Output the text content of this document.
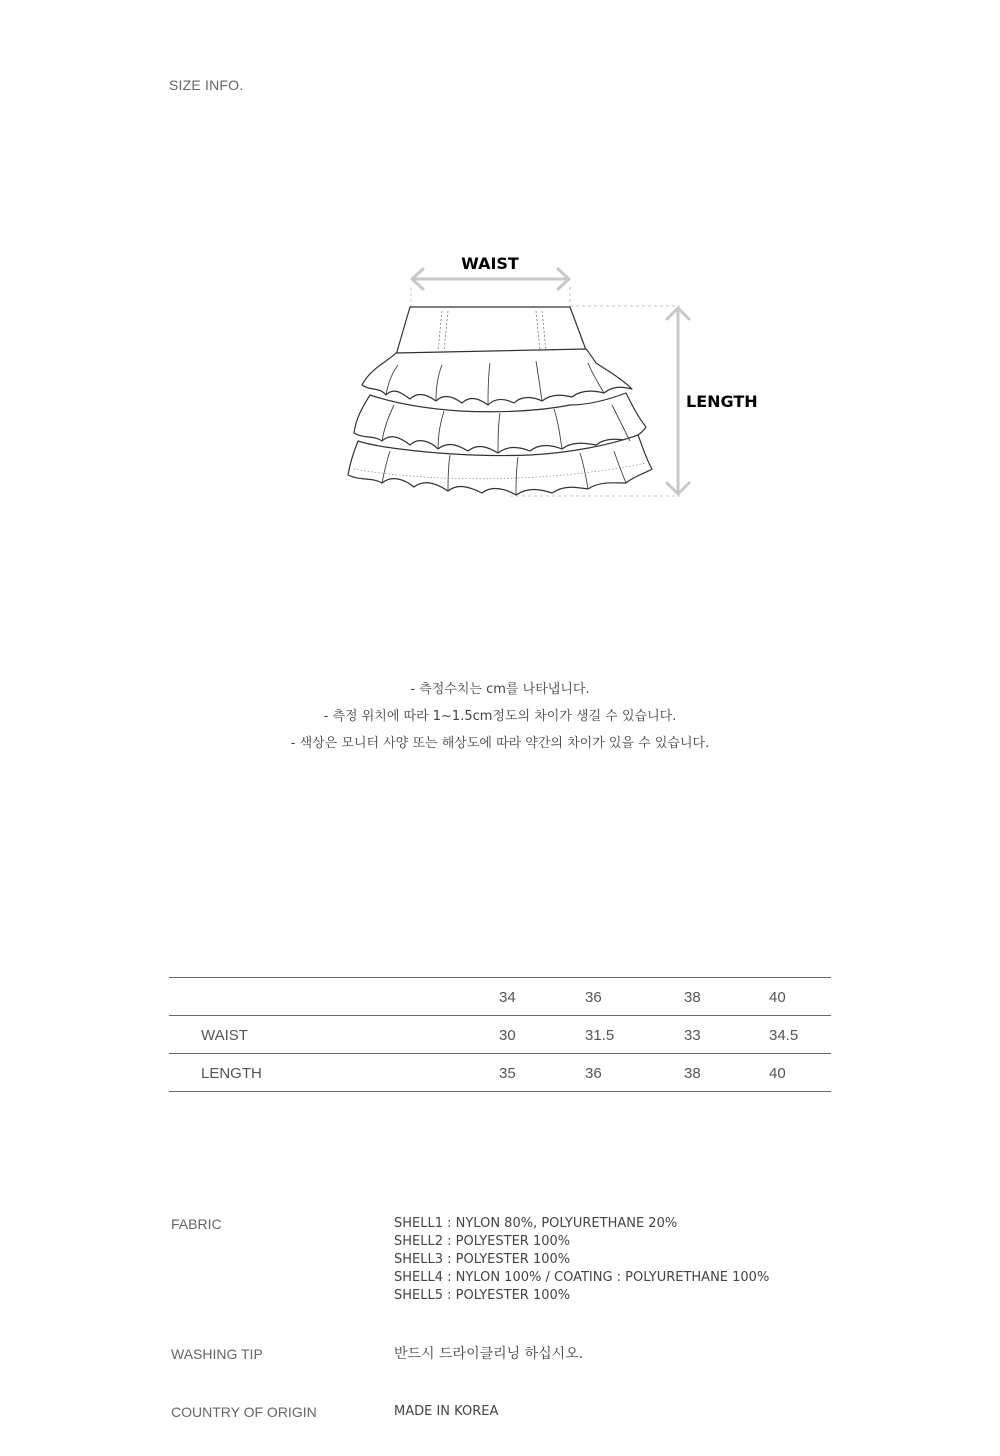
SIZE INFO.
WAIST
LENGTH
- 측정수치는 cm를 나타냅니다.
- 측정 위치에 따라 1~1.5cm정도의 차이가 생길 수 있습니다.
- 색상은 모니터 사양 또는 해상도에 따라 약간의 차이가 있을 수 있습니다.
34	36	38	40
WAIST	30	31.5	33	34.5
LENGTH	35	36	38	40
FABRIC	SHELL1 : NYLON 80%, POLYURETHANE 20%
SHELL2 : POLYESTER 100%
SHELL3 : POLYESTER 100%
SHELL4 : NYLON 100% / COATING : POLYURETHANE 100%
SHELL5 : POLYESTER 100%
WASHING TIP	반드시 드라이클리닝 하십시오.
COUNTRY OF ORIGIN	MADE IN KOREA
